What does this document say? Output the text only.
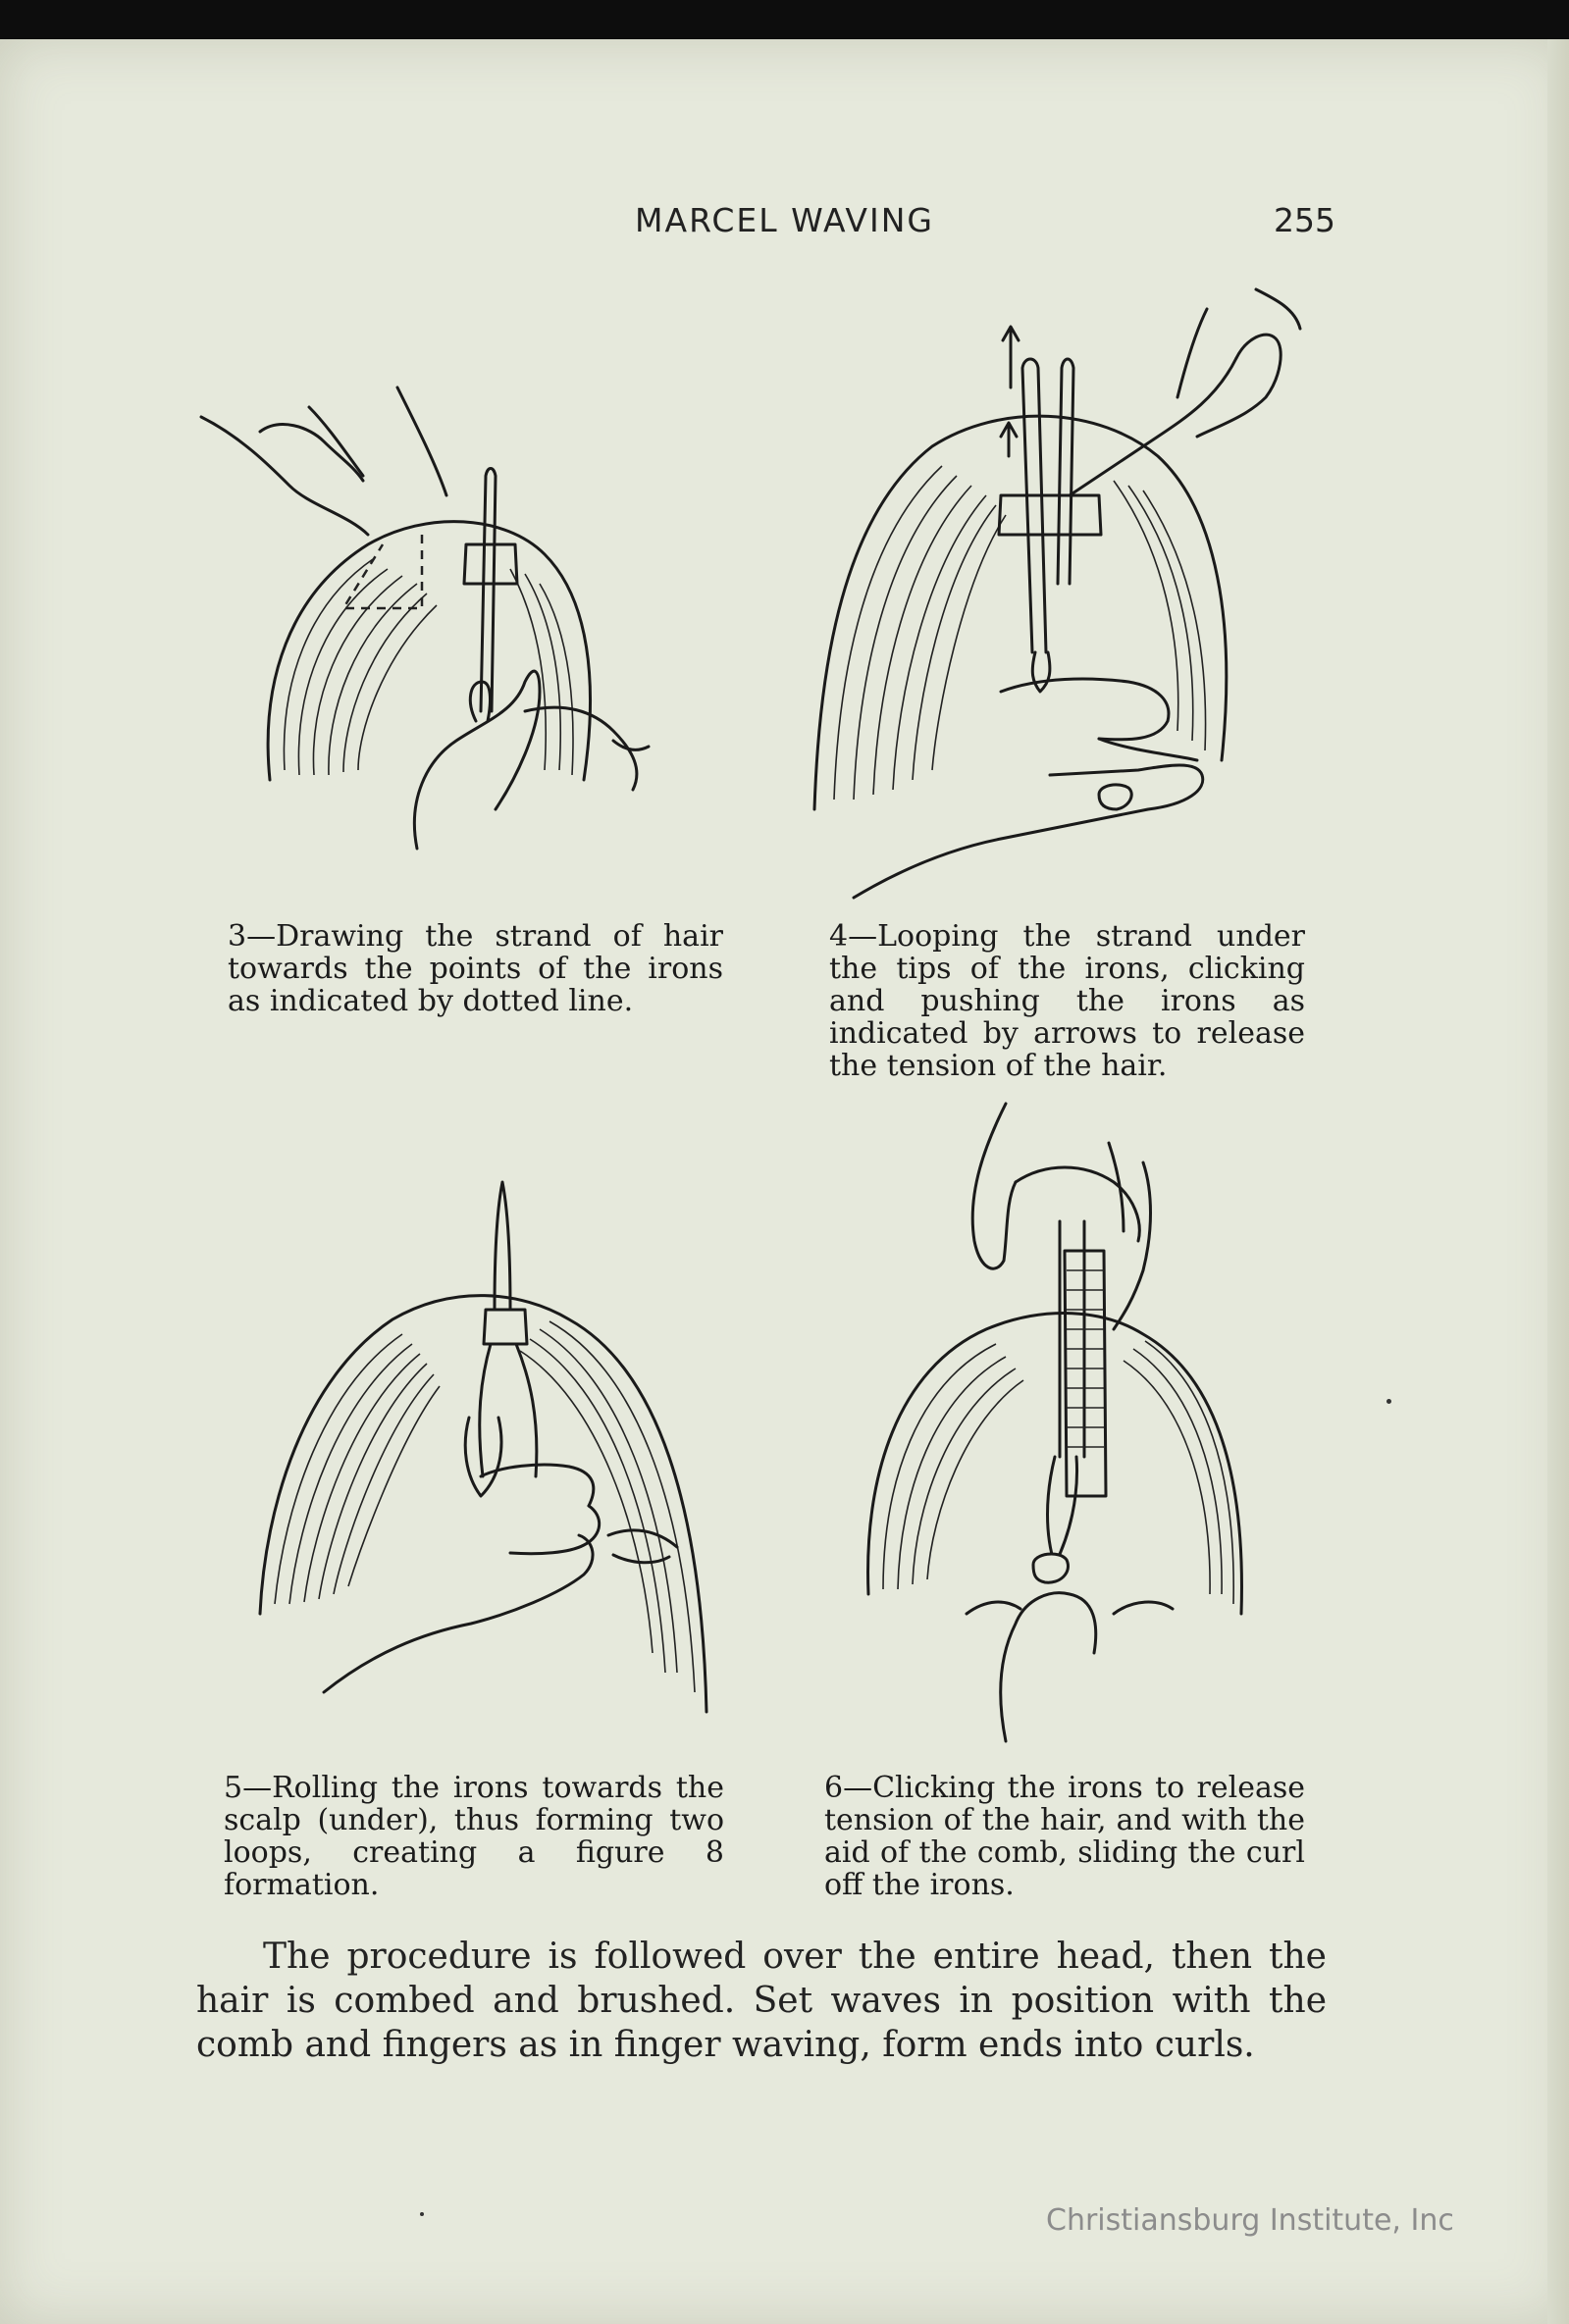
MARCEL WAVING	255
3—Drawing the strand of hair towards the points of the irons as indicated by dotted line.
4—Looping the strand under the tips of the irons, clicking and pushing the irons as indicated by arrows to release the tension of the hair.
5—Rolling the irons towards the scalp (under), thus forming two loops, creating a figure 8 formation.
6—Clicking the irons to release tension of the hair, and with the aid of the comb, sliding the curl off the irons.
The procedure is followed over the entire head, then the hair is combed and brushed. Set waves in position with the comb and fingers as in finger waving, form ends into curls.
Christiansburg Institute, Inc
